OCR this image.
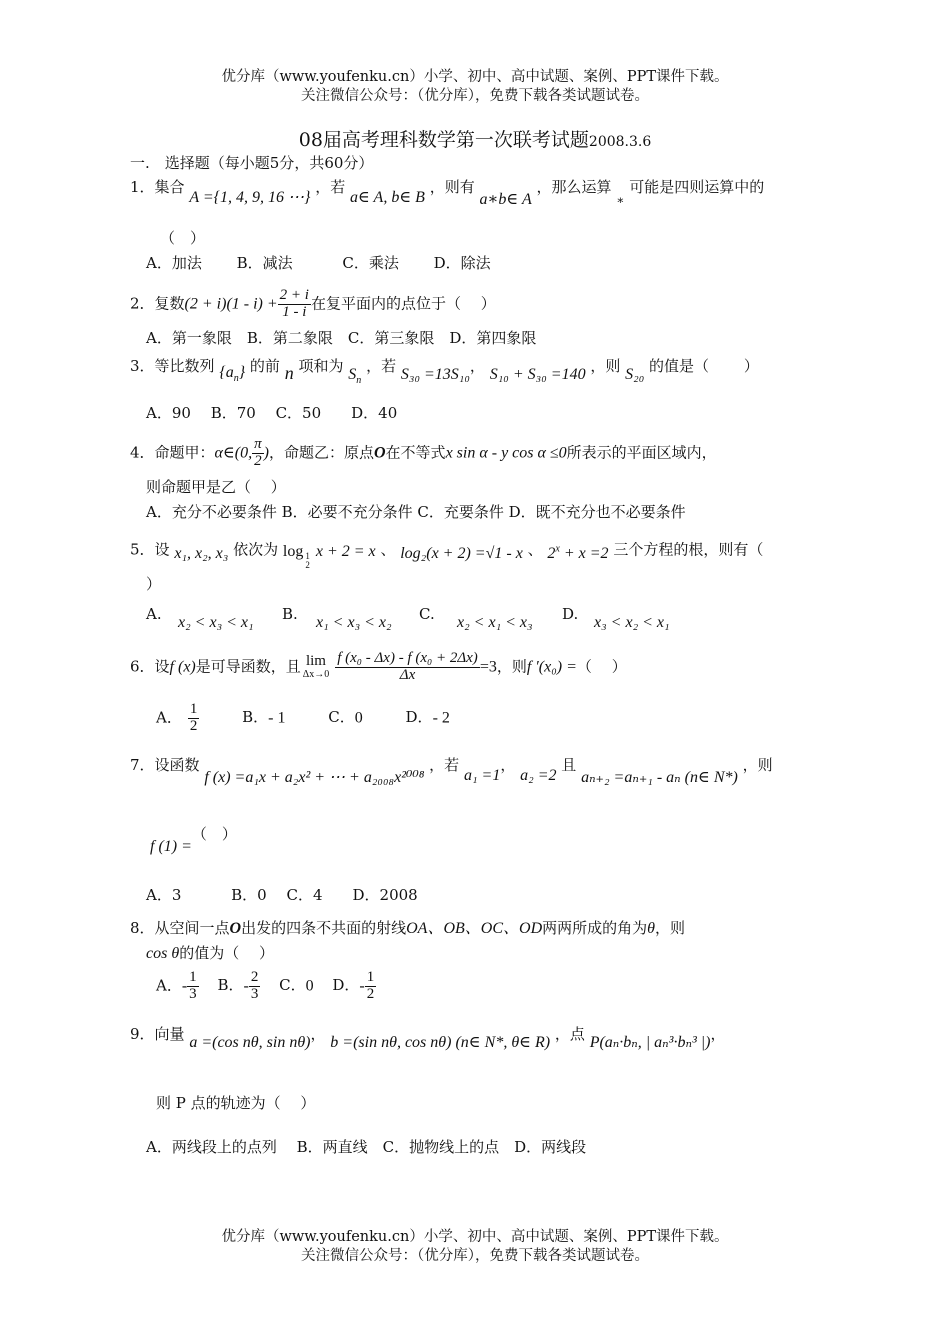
优分库（www.youfenku.cn）小学、初中、高中试题、案例、PPT课件下载。
关注微信公众号：（优分库），免费下载各类试题试卷。
08届高考理科数学第一次联考试题2008.3.6
一.　选择题（每小题5分，共60分）
1．集合 A ={1, 4, 9, 16 ⋯} ，若 a∈ A, b∈ B ，则有 a∗b∈ A ，那么运算 $_∗$ 可能是四则运算中的
（　）
A．加法　 　B．减法 　　　C．乘法 　　D．除法
2．复数$(2 + i)(1 - i) + \frac{2 + i}{1 - i}$ 在复平面内的点位于（　 ）
A．第一象限　B．第二象限　C．第三象限　D．第四象限
3．等比数列 $\{a_n\}$ 的前 n 项和为 $S_n$ ，若 S₃₀ =13S₁₀， S₁₀ + S₃₀ =140 ，则 S₂₀ 的值是（　　 ）
A．90　 B．70　 C．50　　D．40
4．命题甲：α∈(0, $\frac{\pi}{2}$ )，命题乙：原点O在不等式x sin α - y cos α ≤0所表示的平面区域内，
则命题甲是乙（　 ）
A．充分不必要条件 B．必要不充分条件 C．充要条件 D．既不充分也不必要条件
5．设 x₁, x₂, x₃ 依次为 log 1
2
x + 2 = x 、 log₂(x + 2) =√1 - x 、 $2^x + x =2$ 三个方程的根，则有（
）
A. x₂ < x₃ < x₁ B. x₁ < x₃ < x₂ C. x₂ < x₁ < x₃ D. x₃ < x₂ < x₁
6．设f (x)是可导函数，且 lim
$\Delta x\to 0 \frac{\text{f (x₀ - Δx) - f (x₀ + 2Δx)}}{\Delta x} =3$，则f ′(x₀) =（　 ）
A． $\frac{1}{2}$	B．- 1	C．0	D．- 2
7．设函数 f (x) =a₁x + a₂x² + ⋯ + a₂₀₀₈x²⁰⁰⁸ ，若 a₁ =1， a₂ =2 且 aₙ₊₂ =aₙ₊₁ - aₙ (n∈ N*) ，则
f (1) =（　）
A．3　　　 B．0　 C．4　　D．2008
8．从空间一点O出发的四条不共面的射线OA、OB、OC、OD两两所成的角为θ，则
cos θ的值为（　 ）
A．- $\frac{1}{3}$ B．- $\frac{2}{3}$ C．0 D．- $\frac{1}{2}$
9．向量 a =(cos nθ, sin nθ)， b =(sin nθ, cos nθ) (n∈ N*, θ∈ R) ，点 P(aₙ·bₙ, | aₙ³·bₙ³ |)，
则 P 点的轨迹为（　 ）
A．两线段上的点列　 B．两直线　C．抛物线上的点　D．两线段
优分库（www.youfenku.cn）小学、初中、高中试题、案例、PPT课件下载。
关注微信公众号：（优分库），免费下载各类试题试卷。
